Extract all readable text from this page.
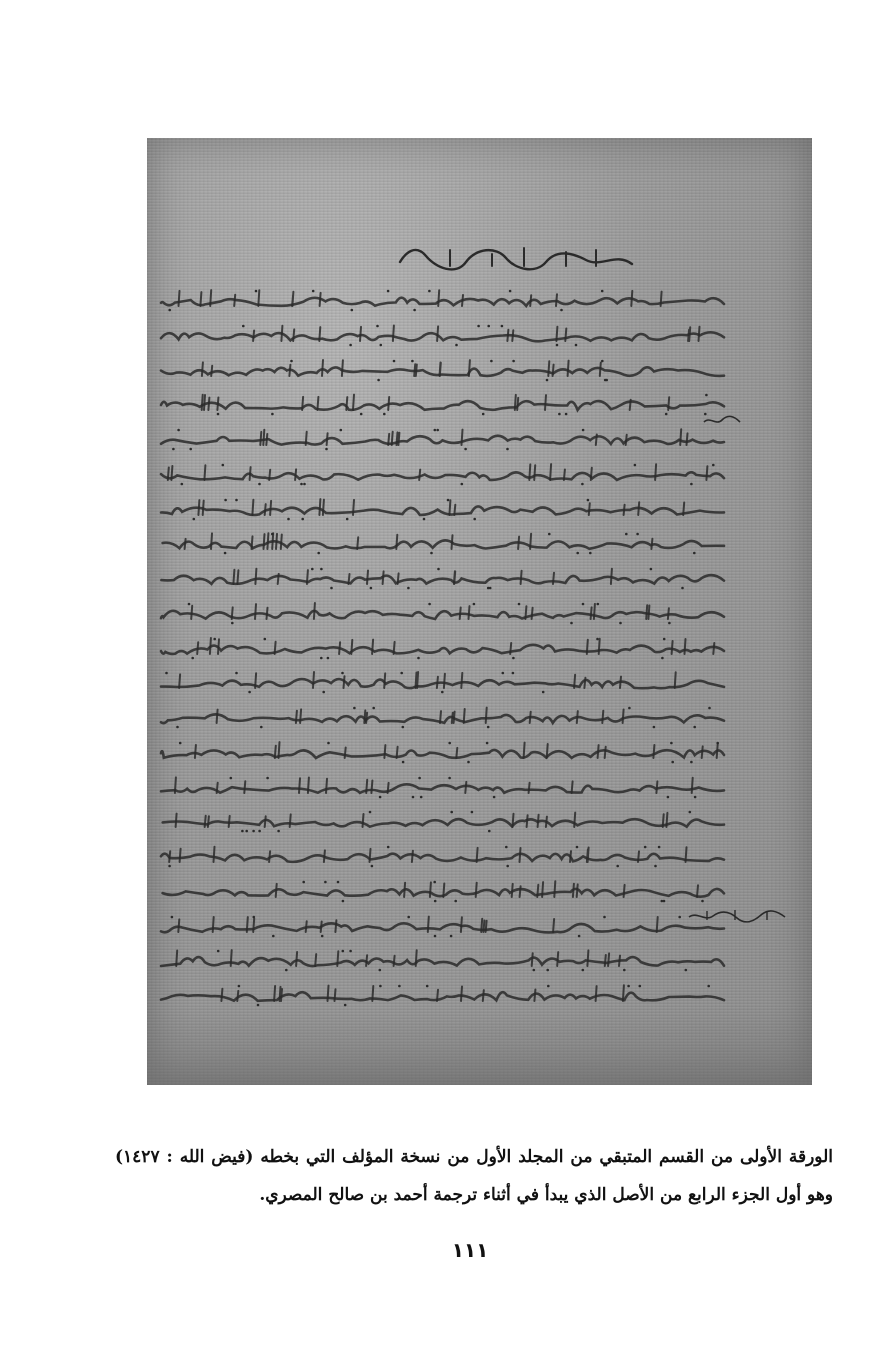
الورقة الأولى من القسم المتبقي من المجلد الأول من نسخة المؤلف التي بخطه (فيض الله : ١٤٢٧) وهو أول الجزء الرابع من الأصل الذي يبدأ في أثناء ترجمة أحمد بن صالح المصري.
١١١
